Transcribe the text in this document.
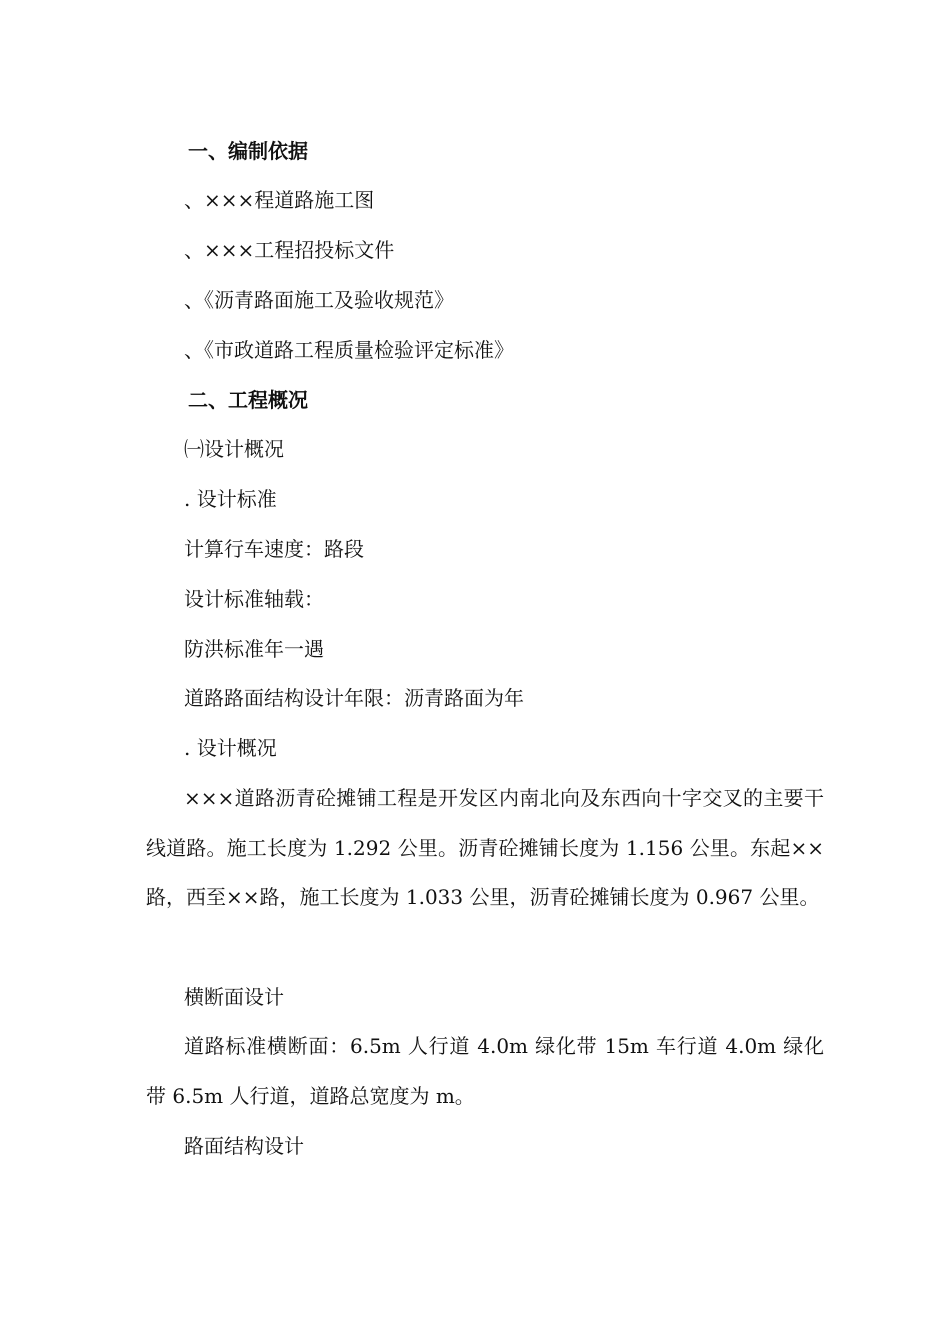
一、编制依据

、×××程道路施工图

、×××工程招投标文件

、《沥青路面施工及验收规范》

、《市政道路工程质量检验评定标准》

二、工程概况

㈠设计概况

. 设计标准

计算行车速度：路段

设计标准轴载：

防洪标准年一遇

道路路面结构设计年限：沥青路面为年

. 设计概况

×××道路沥青砼摊铺工程是开发区内南北向及东西向十字交叉的主要干线道路。施工长度为 1.292 公里。沥青砼摊铺长度为 1.156 公里。东起××路，西至××路，施工长度为 1.033 公里，沥青砼摊铺长度为 0.967 公里。

横断面设计

道路标准横断面：6.5m 人行道 4.0m 绿化带 15m 车行道 4.0m 绿化带 6.5m 人行道，道路总宽度为 m。

路面结构设计
